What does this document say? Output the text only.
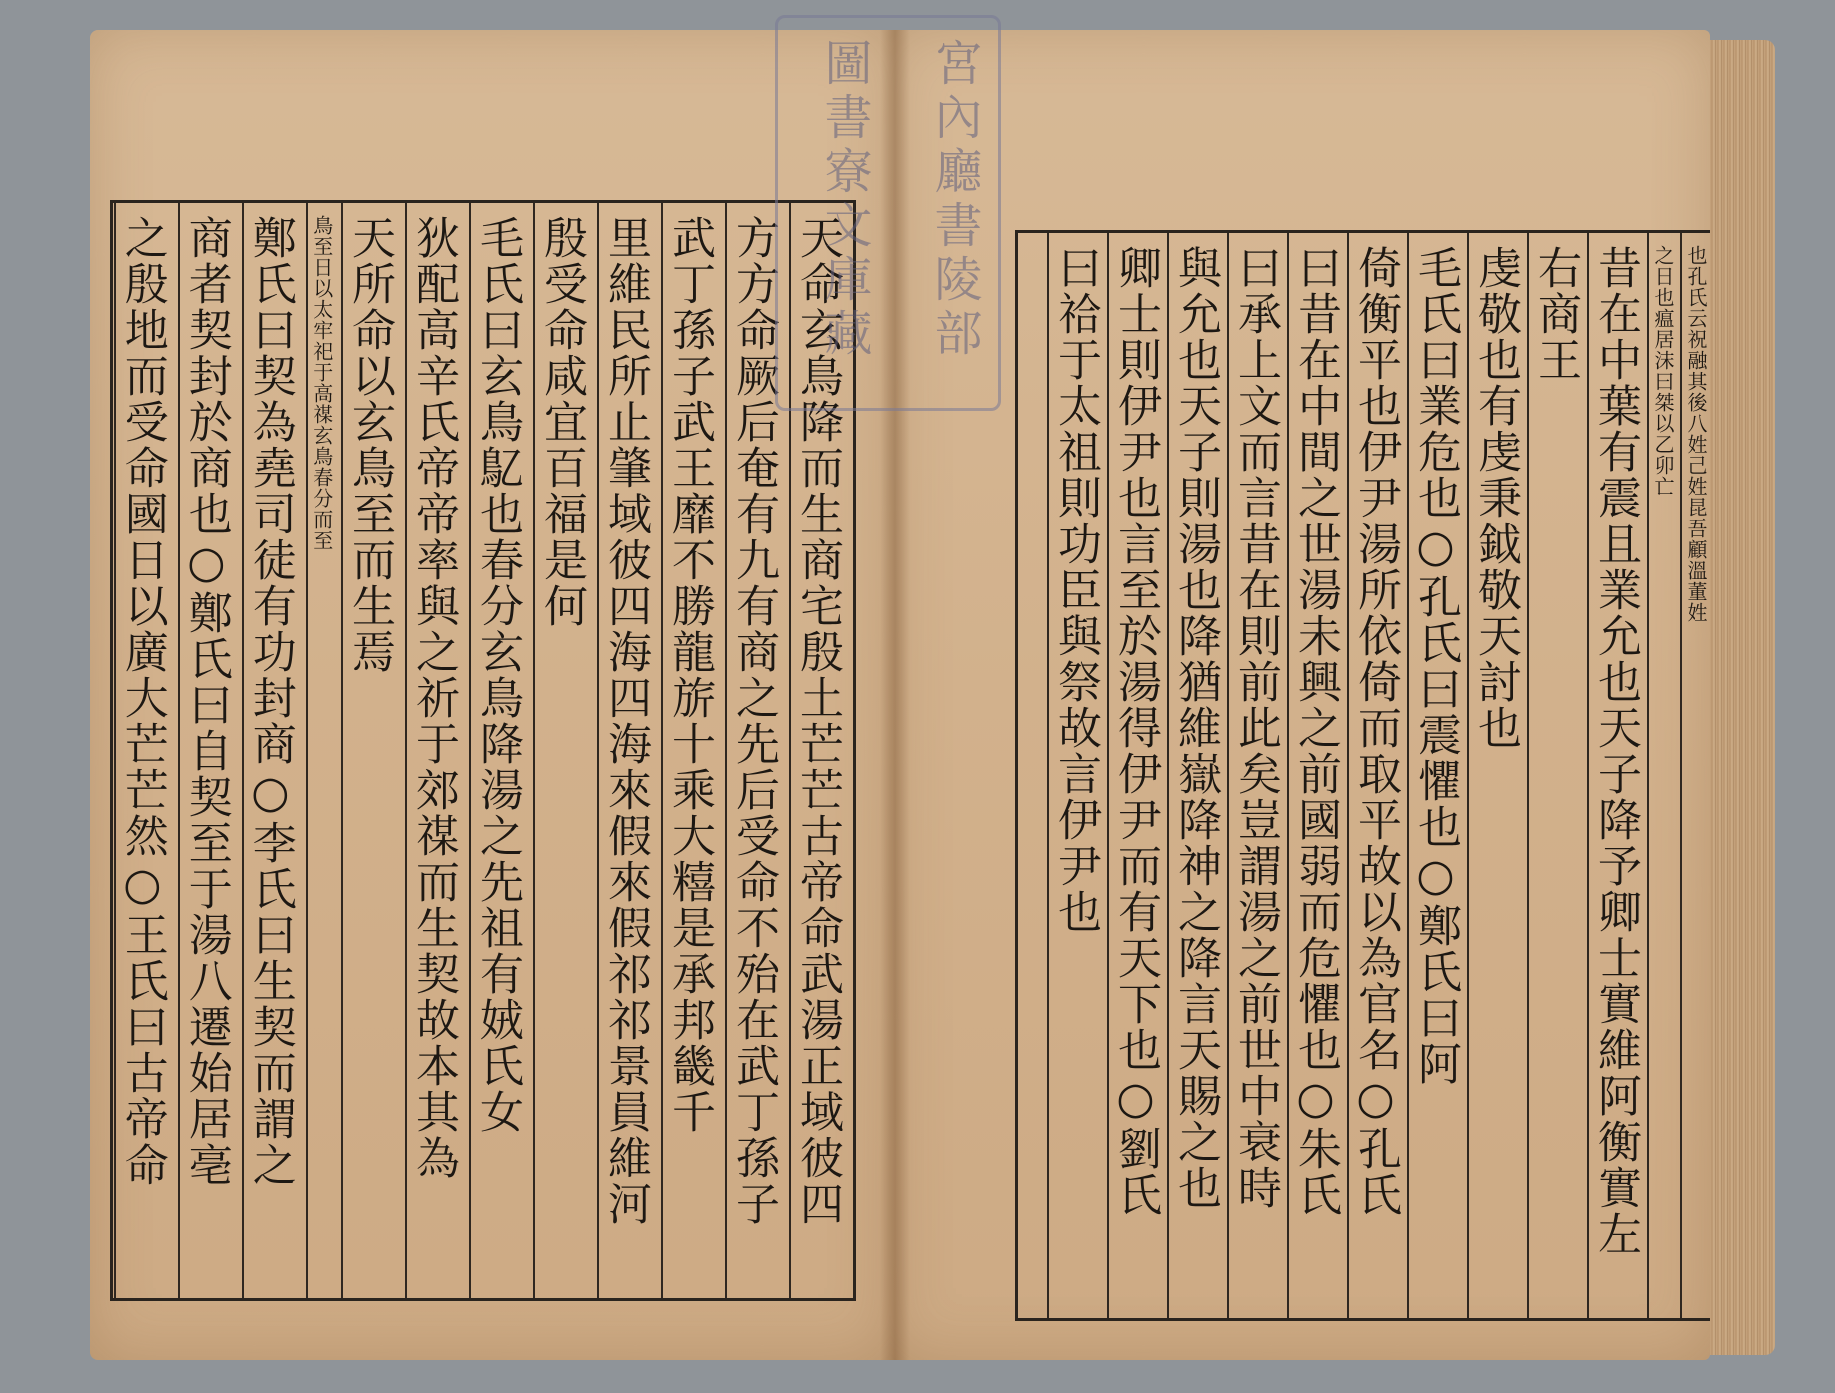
天命玄鳥降而生商宅殷土芒芒古帝命武湯正域彼四
方方命厥后奄有九有商之先后受命不殆在武丁孫子
武丁孫子武王靡不勝龍旂十乘大糦是承邦畿千
里維民所止肇域彼四海四海來假來假祁祁景員維河
殷受命咸宜百福是何
毛氏曰玄鳥鳦也春分玄鳥降湯之先祖有娀氏女
狄配高辛氏帝帝率與之祈于郊禖而生契故本其為
天所命以玄鳥至而生焉
鳥至日以太牢祀于高禖玄鳥春分而至
鄭氏曰契為堯司徒有功封商○李氏曰生契而謂之
商者契封於商也○鄭氏曰自契至于湯八遷始居亳
之殷地而受命國日以廣大芒芒然○王氏曰古帝命	也孔氏云祝融其後八姓己姓昆吾顧溫董姓
之日也瘟居沫曰桀以乙卯亡
昔在中葉有震且業允也天子降予卿士實維阿衡實左
右商王
虔敬也有虔秉鉞敬天討也
毛氏曰業危也○孔氏曰震懼也○鄭氏曰阿
倚衡平也伊尹湯所依倚而取平故以為官名○孔氏
曰昔在中間之世湯未興之前國弱而危懼也○朱氏
曰承上文而言昔在則前此矣豈謂湯之前世中衰時
與允也天子則湯也降猶維嶽降神之降言天賜之也
卿士則伊尹也言至於湯得伊尹而有天下也○劉氏
曰祫于太祖則功臣與祭故言伊尹也
宮內廳書陵部
圖書寮文庫藏
